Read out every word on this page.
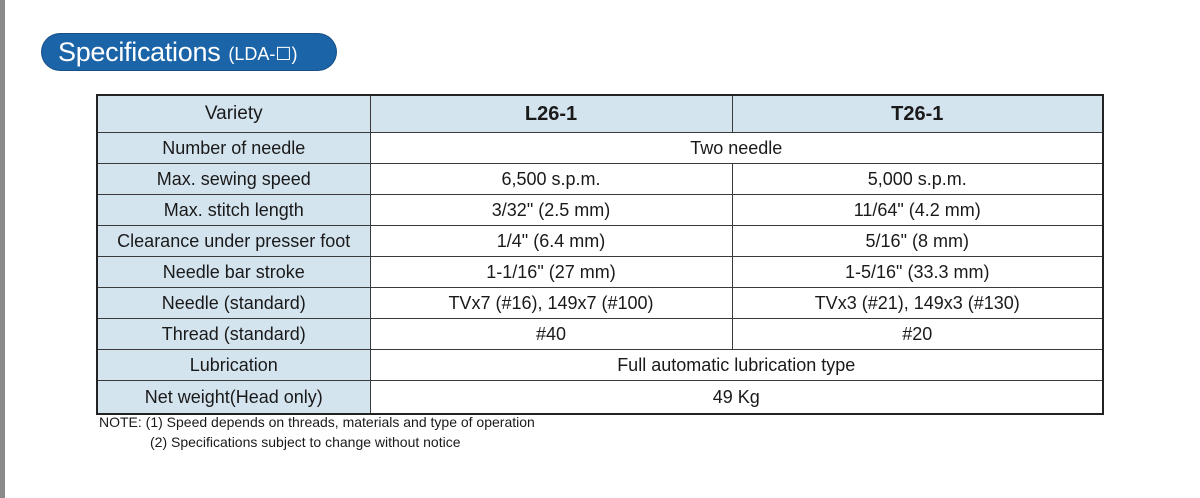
Specifications (LDA-☐)
Variety	L26-1	T26-1
Number of needle	Two needle	
Max. sewing speed	6,500 s.p.m.	5,000 s.p.m.
Max. stitch length	3/32" (2.5 mm)	11/64" (4.2 mm)
Clearance under presser foot	1/4" (6.4 mm)	5/16" (8 mm)
Needle bar stroke	1-1/16" (27 mm)	1-5/16" (33.3 mm)
Needle (standard)	TVx7 (#16), 149x7 (#100)	TVx3 (#21), 149x3 (#130)
Thread (standard)	#40	#20
Lubrication	Full automatic lubrication type	
Net weight(Head only)	49 Kg	
NOTE: (1) Speed depends on threads, materials and type of operation
(2) Specifications subject to change without notice
